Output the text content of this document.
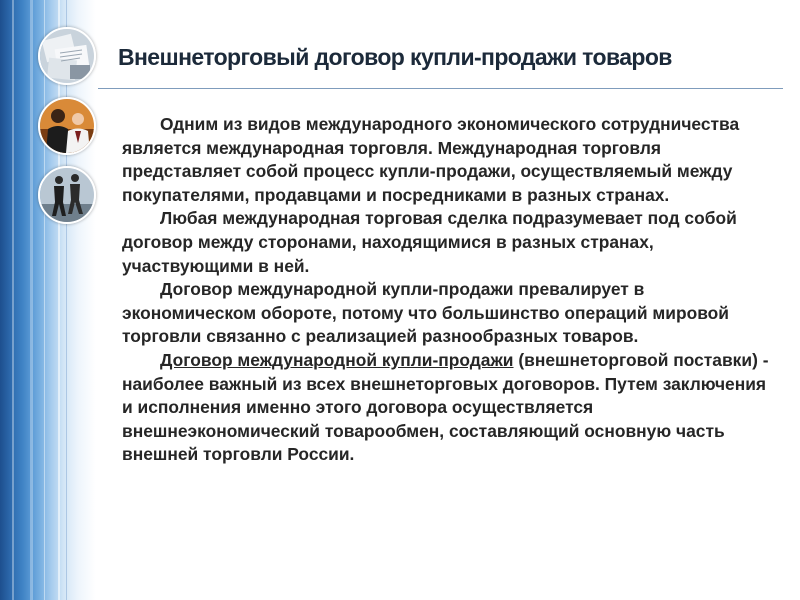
Внешнеторговый договор купли-продажи товаров

Одним из видов международного экономического сотрудничества является международная торговля. Международная торговля представляет собой процесс купли-продажи, осуществляемый между покупателями, продавцами и посредниками в разных странах.

Любая международная торговая сделка подразумевает под собой договор между сторонами, находящимися в разных странах, участвующими в ней.

Договор международной купли-продажи превалирует в экономическом обороте, потому что большинство операций мировой торговли связанно с реализацией разнообразных товаров.

Договор международной купли-продажи (внешнеторговой поставки) - наиболее важный из всех внешнеторговых договоров. Путем заключения и исполнения именно этого договора осуществляется внешнеэкономический товарообмен, составляющий основную часть внешней торговли России.
